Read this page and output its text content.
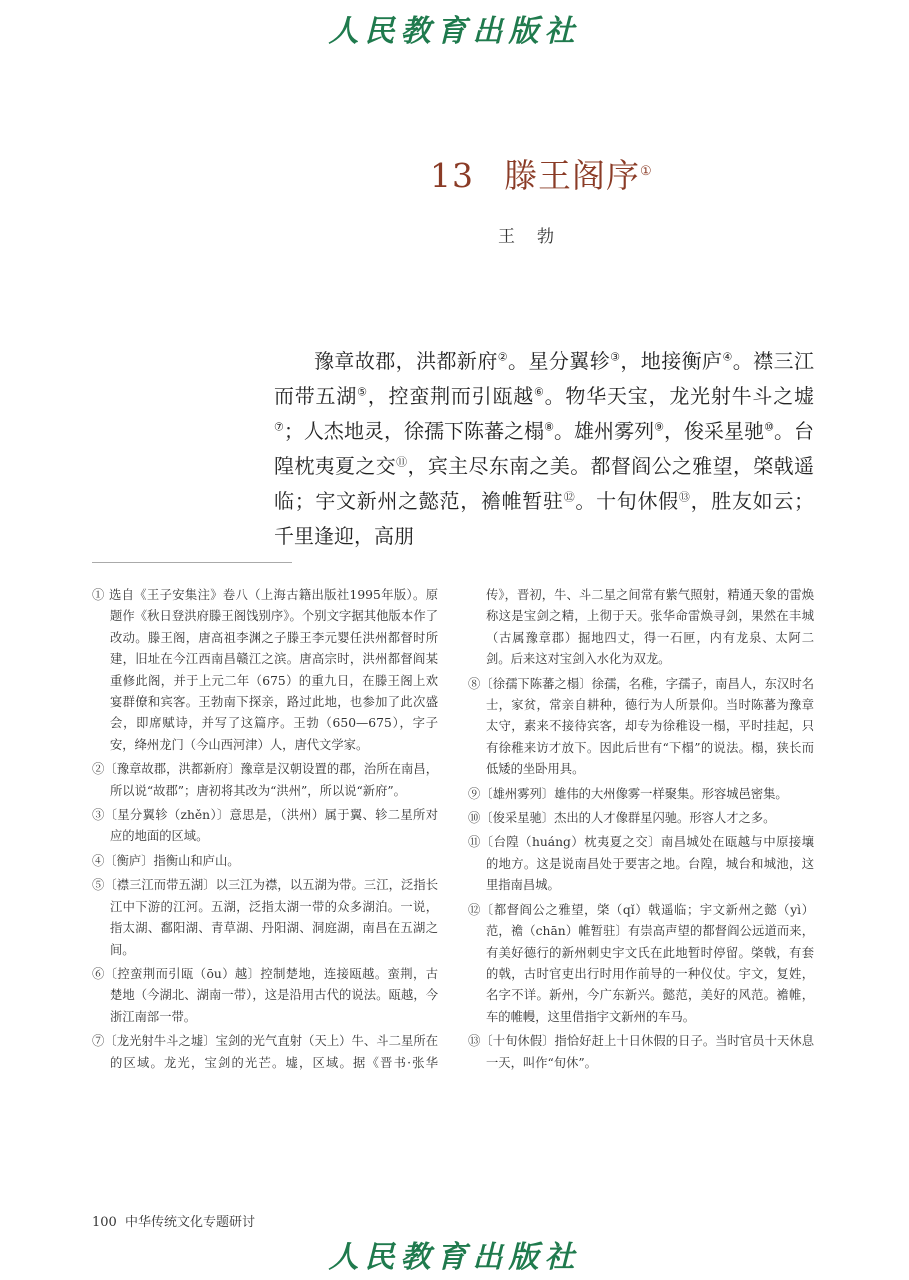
人民教育出版社
13 滕王阁序①
王勃

豫章故郡，洪都新府②。星分翼轸③，地接衡庐④。襟三江而带五湖⑤，控蛮荆而引瓯越⑥。物华天宝，龙光射牛斗之墟⑦；人杰地灵，徐孺下陈蕃之榻⑧。雄州雾列⑨，俊采星驰⑩。台隍枕夷夏之交⑪，宾主尽东南之美。都督阎公之雅望，棨戟遥临；宇文新州之懿范，襜帷暂驻⑫。十旬休假⑬，胜友如云；千里逢迎，高朋

① 选自《王子安集注》卷八（上海古籍出版社1995年版）。原题作《秋日登洪府滕王阁饯别序》。个别文字据其他版本作了改动。滕王阁，唐高祖李渊之子滕王李元婴任洪州都督时所建，旧址在今江西南昌赣江之滨。唐高宗时，洪州都督阎某重修此阁，并于上元二年（675）的重九日，在滕王阁上欢宴群僚和宾客。王勃南下探亲，路过此地，也参加了此次盛会，即席赋诗，并写了这篇序。王勃（650—675），字子安，绛州龙门（今山西河津）人，唐代文学家。
②〔豫章故郡，洪都新府〕豫章是汉朝设置的郡，治所在南昌，所以说“故郡”；唐初将其改为“洪州”，所以说“新府”。
③〔星分翼轸（zhěn）〕意思是，（洪州）属于翼、轸二星所对应的地面的区域。
④〔衡庐〕指衡山和庐山。
⑤〔襟三江而带五湖〕以三江为襟，以五湖为带。三江，泛指长江中下游的江河。五湖，泛指太湖一带的众多湖泊。一说，指太湖、鄱阳湖、青草湖、丹阳湖、洞庭湖，南昌在五湖之间。
⑥〔控蛮荆而引瓯（ōu）越〕控制楚地，连接瓯越。蛮荆，古楚地（今湖北、湖南一带），这是沿用古代的说法。瓯越，今浙江南部一带。
⑦〔龙光射牛斗之墟〕宝剑的光气直射（天上）牛、斗二星所在的区域。龙光，宝剑的光芒。墟，区域。据《晋书·张华传》，晋初，牛、斗二星之间常有紫气照射，精通天象的雷焕称这是宝剑之精，上彻于天。张华命雷焕寻剑，果然在丰城（古属豫章郡）掘地四丈，得一石匣，内有龙泉、太阿二剑。后来这对宝剑入水化为双龙。
⑧〔徐孺下陈蕃之榻〕徐孺，名稚，字孺子，南昌人，东汉时名士，家贫，常亲自耕种，德行为人所景仰。当时陈蕃为豫章太守，素来不接待宾客，却专为徐稚设一榻，平时挂起，只有徐稚来访才放下。因此后世有“下榻”的说法。榻，狭长而低矮的坐卧用具。
⑨〔雄州雾列〕雄伟的大州像雾一样聚集。形容城邑密集。
⑩〔俊采星驰〕杰出的人才像群星闪驰。形容人才之多。
⑪〔台隍（huáng）枕夷夏之交〕南昌城处在瓯越与中原接壤的地方。这是说南昌处于要害之地。台隍，城台和城池，这里指南昌城。
⑫〔都督阎公之雅望，棨（qǐ）戟遥临；宇文新州之懿（yì）范，襜（chān）帷暂驻〕有崇高声望的都督阎公远道而来，有美好德行的新州刺史宇文氏在此地暂时停留。棨戟，有套的戟，古时官吏出行时用作前导的一种仪仗。宇文，复姓，名字不详。新州，今广东新兴。懿范，美好的风范。襜帷，车的帷幔，这里借指宇文新州的车马。
⑬〔十旬休假〕指恰好赶上十日休假的日子。当时官员十天休息一天，叫作“旬休”。
100 中华传统文化专题研讨
人民教育出版社
